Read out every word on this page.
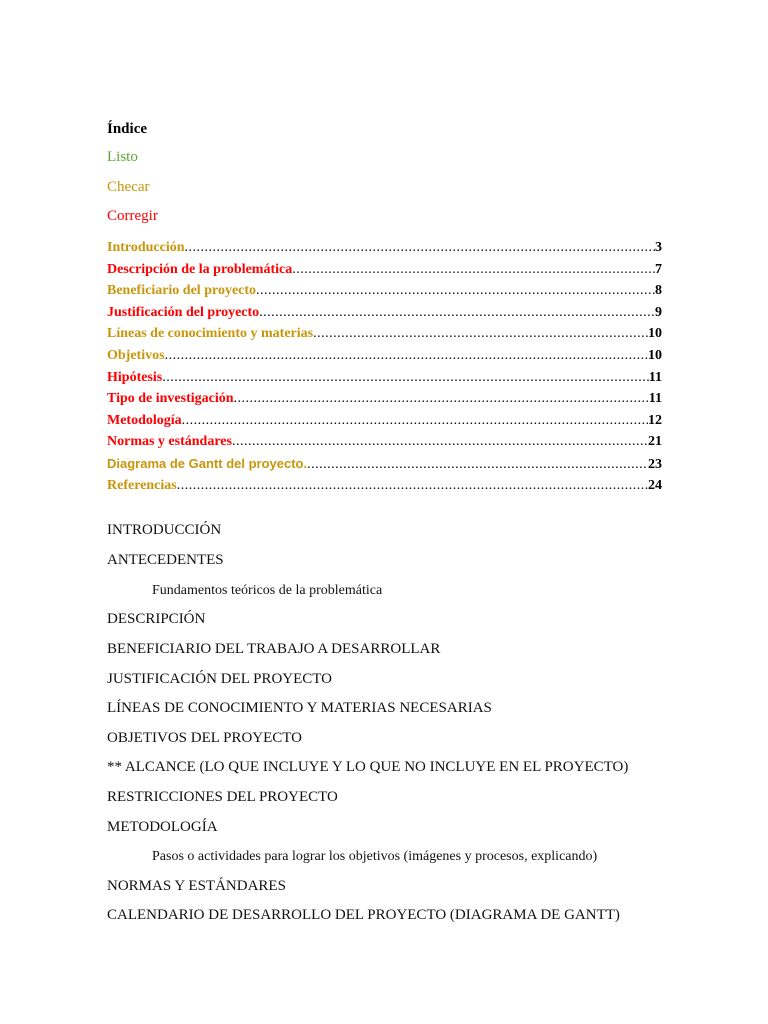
Índice
Listo
Checar
Corregir
Introducción .....	3
Descripción de la problemática .....	7
Beneficiario del proyecto .....	8
Justificación del proyecto .....	9
Líneas de conocimiento y materias .....	10
Objetivos .....	10
Hipótesis .....	11
Tipo de investigación .....	11
Metodología .....	12
Normas y estándares .....	21
Diagrama de Gantt del proyecto. .....	23
Referencias .....	24
INTRODUCCIÓN
ANTECEDENTES
Fundamentos teóricos de la problemática
DESCRIPCIÓN
BENEFICIARIO DEL TRABAJO A DESARROLLAR
JUSTIFICACIÓN DEL PROYECTO
LÍNEAS DE CONOCIMIENTO Y MATERIAS NECESARIAS
OBJETIVOS DEL PROYECTO
** ALCANCE (LO QUE INCLUYE Y LO QUE NO INCLUYE EN EL PROYECTO)
RESTRICCIONES DEL PROYECTO
METODOLOGÍA
Pasos o actividades para lograr los objetivos (imágenes y procesos, explicando)
NORMAS Y ESTÁNDARES
CALENDARIO DE DESARROLLO DEL PROYECTO (DIAGRAMA DE GANTT)
